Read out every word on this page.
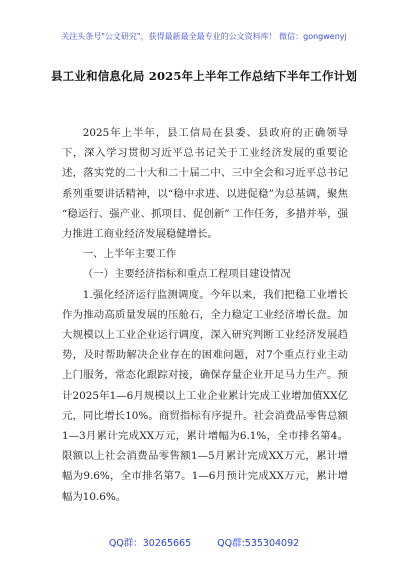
关注头条号"公文研究"，获得最新最全最专业的公文资料库！ 微信：gongwenyj
县工业和信息化局 2025年上半年工作总结下半年工作计划

2025年上半年，县工信局在县委、县政府的正确领导下，深入学习贯彻习近平总书记关于工业经济发展的重要论述，落实党的二十大和二十届二中、三中全会和习近平总书记系列重要讲话精神，以“稳中求进、以进促稳”为总基调，聚焦 “稳运行、强产业、抓项目、促创新” 工作任务，多措并举，强力推进工商业经济发展稳健增长。

一、上半年主要工作

（一）主要经济指标和重点工程项目建设情况

1.强化经济运行监测调度。今年以来，我们把稳工业增长作为推动高质量发展的压舱石，全力稳定工业经济增长盘。加大规模以上工业企业运行调度，深入研究判断工业经济发展趋势，及时帮助解决企业存在的困难问题，对7个重点行业主动上门服务，常态化跟踪对接，确保存量企业开足马力生产。预计2025年1—6月规模以上工业企业累计完成工业增加值XX亿元，同比增长10%。商贸指标有序提升。社会消费品零售总额1—3月累计完成XX万元，累计增幅为6.1%，全市排名第4。限额以上社会消费品零售额1—5月累计完成XX万元，累计增幅为9.6%，全市排名第7。1—6月预计完成XX万元，累计增幅为10.6%。

QQ群：30265665	QQ群:535304092
